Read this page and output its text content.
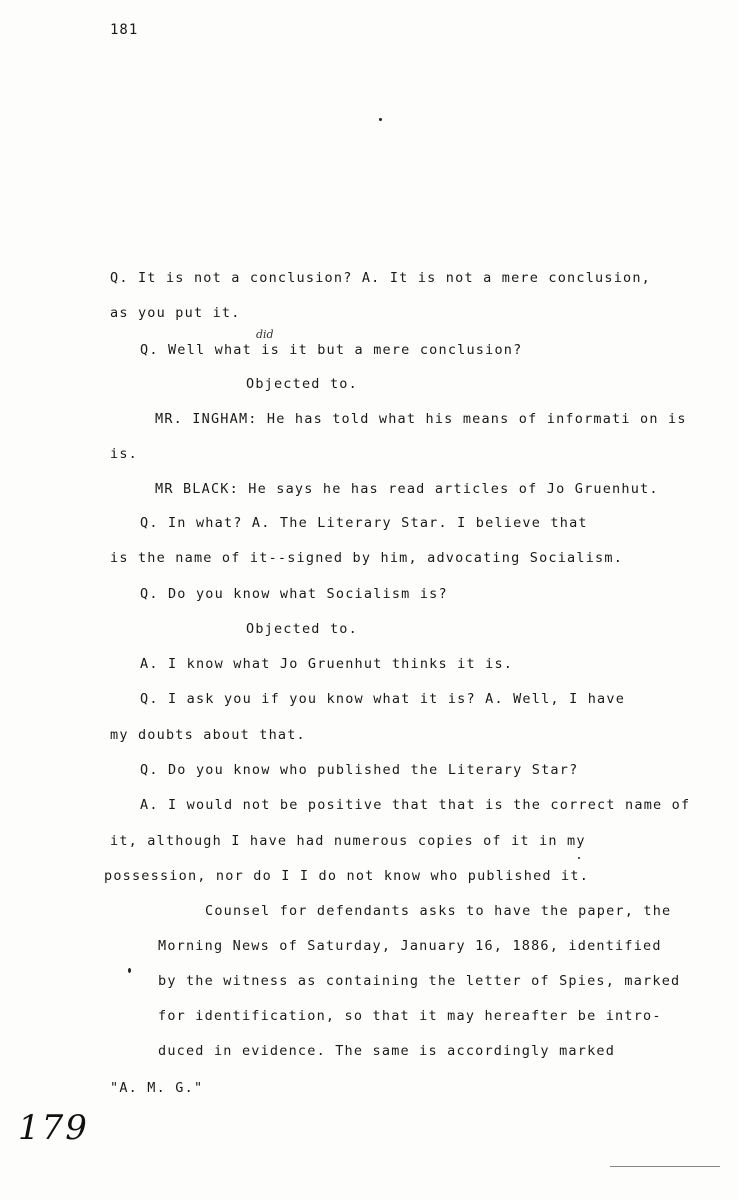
181
Q. It is not a conclusion? A. It is not a mere conclusion,
as you put it.
Q. Well what is it but a mere conclusion?
Objected to.
MR. INGHAM: He has told what his means of informati on is
is.
MR BLACK: He says he has read articles of Jo Gruenhut.
Q. In what? A. The Literary Star. I believe that
is the name of it--signed by him, advocating Socialism.
Q. Do you know what Socialism is?
Objected to.
A. I know what Jo Gruenhut thinks it is.
Q. I ask you if you know what it is? A. Well, I have
my doubts about that.
Q. Do you know who published the Literary Star?
A. I would not be positive that that is the correct name of
it, although I have had numerous copies of it in my
possession, nor do I I do not know who published it.
Counsel for defendants asks to have the paper, the
Morning News of Saturday, January 16, 1886, identified
by the witness as containing the letter of Spies, marked
for identification, so that it may hereafter be intro-
duced in evidence. The same is accordingly marked
"A. M. G."
did
179
